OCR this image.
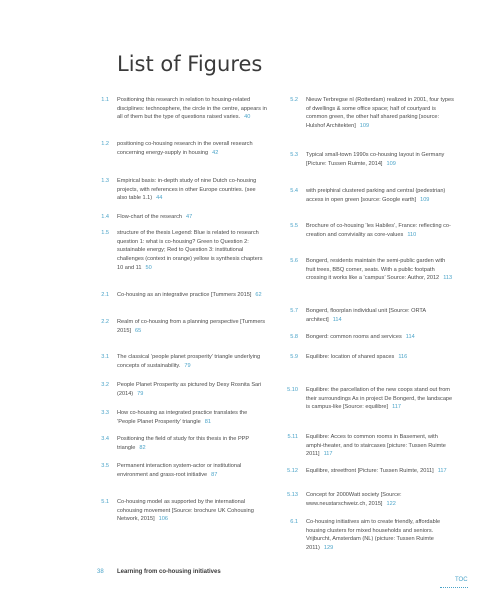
List of Figures
1.1 Positioning this research in relation to housing-related disciplines: technosphere, the circle in the centre, appears in all of them but the type of questions raised varies. 40
1.2 positioning co-housing research in the overall research concerning energy-supply in housing 42
1.3 Empirical basis: in-depth study of nine Dutch co-housing projects, with references in other Europe countries. (see also table 1.1) 44
1.4 Flow-chart of the research 47
1.5 structure of the thesis Legend: Blue is related to research question 1: what is co-housing? Green to Question 2: sustainable energy; Red to Question 3: institutional challenges (context in orange) yellow is synthesis chapters 10 and 11 50
2.1 Co-housing as an integrative practice [Tummers 2015] 62
2.2 Realm of co-housing from a planning perspective [Tummers 2015] 65
3.1 The classical ‘people planet prosperity’ triangle underlying concepts of sustainability. 79
3.2 People Planet Prosperity as pictured by Desy Rosnita Sari (2014) 79
3.3 How co-housing as integrated practice translates the ‘People Planet Prosperity’ triangle 81
3.4 Positioning the field of study for this thesis in the PPP triangle 82
3.5 Permanent interaction system-actor or institutional environment and grass-root initiative 87
5.1 Co-housing model as supported by the international cohousing movement [Source: brochure UK Cohousing Network, 2015] 106
5.2 Nieuw Terbregse nl (Rotterdam) realized in 2001, four types of dwellings & some office space; half of courtyard is common green, the other half shared parking [source: Hulshof Architekten] 109
5.3 Typical small-town 1990s co-housing layout in Germany [Picture: Tussen Ruimte, 2014] 109
5.4 with preiphiral clustered parking and central (pedestrian) access in open green [source: Google earth] 109
5.5 Brochure of co-housing ‘les Habiles’, France: reflecting co-creation and conviviality as core-values 110
5.6 Bongerd, residents maintain the semi-public garden with fruit trees, BBQ corner, seats. With a public footpath crossing it works like a ‘campus’ Source: Author, 2012 113
5.7 Bongerd, floorplan individual unit [Source: ORTA architect] 114
5.8 Bongerd: common rooms and services 114
5.9 Equilibre: location of shared spaces 116
5.10 Equilibre: the parcellation of the new coops stand out from their surroundings As in project De Bongerd, the landscape is campus-like [Source: equilibre] 117
5.11 Equilibre: Acces to common rooms in Basement, with amphi-theater, and to staircases [picture: Tussen Ruimte 2011] 117
5.12 Equilibre, streetfront [Picture: Tussen Ruimte, 2011] 117
5.13 Concept for 2000Watt society [Source: www.neustarschweiz.ch, 2015] 122
6.1 Co-housing initiatives aim to create friendly, affordable housing clusters for mixed households and seniors. Vrijburcht, Amsterdam (NL) (picture: Tussen Ruimte 2011) 129
38 Learning from co-housing initiatives
TOC
